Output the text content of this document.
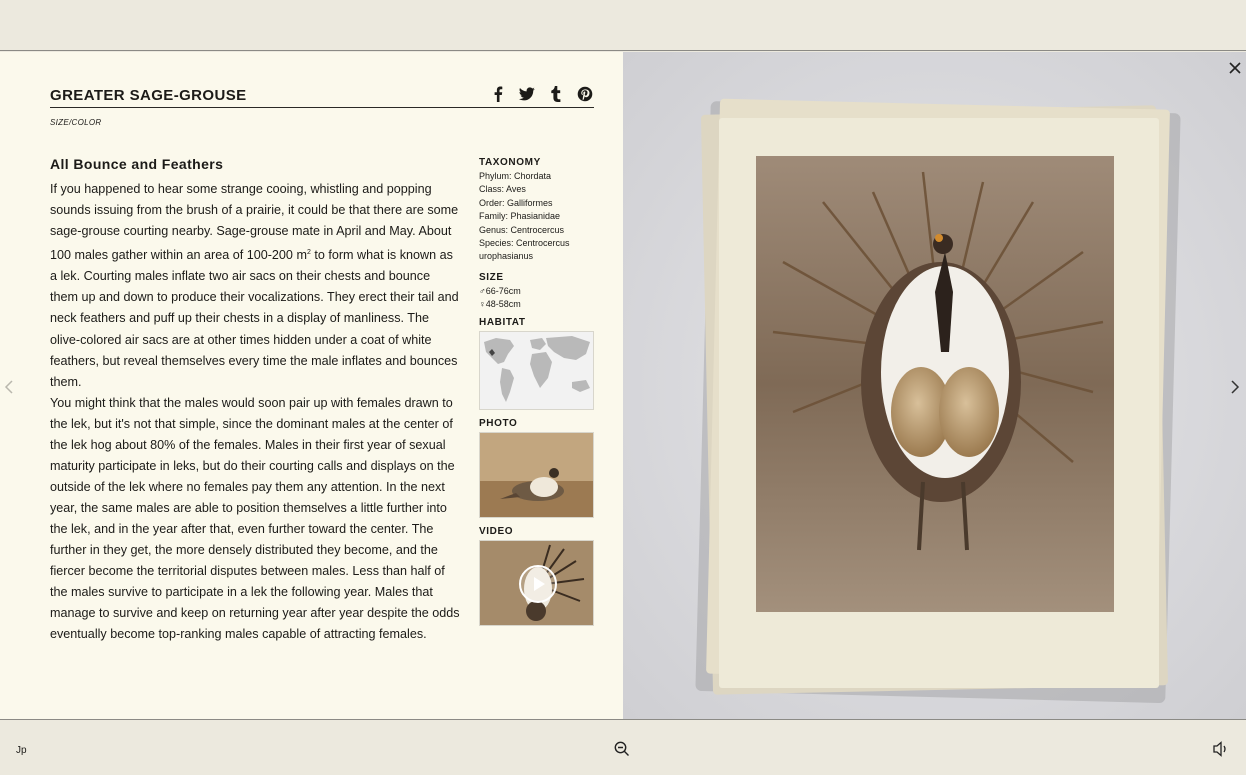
GREATER SAGE-GROUSE
SIZE/COLOR
All Bounce and Feathers

If you happened to hear some strange cooing, whistling and popping sounds issuing from the brush of a prairie, it could be that there are some sage-grouse courting nearby. Sage-grouse mate in April and May. About 100 males gather within an area of 100-200 $m^2$ to form what is known as a lek. Courting males inflate two air sacs on their chests and bounce them up and down to produce their vocalizations. They erect their tail and neck feathers and puff up their chests in a display of manliness. The olive-colored air sacs are at other times hidden under a coat of white feathers, but reveal themselves every time the male inflates and bounces them.

You might think that the males would soon pair up with females drawn to the lek, but it's not that simple, since the dominant males at the center of the lek hog about 80% of the females. Males in their first year of sexual maturity participate in leks, but do their courting calls and displays on the outside of the lek where no females pay them any attention. In the next year, the same males are able to position themselves a little further into the lek, and in the year after that, even further toward the center. The further in they get, the more densely distributed they become, and the fiercer become the territorial disputes between males. Less than half of the males survive to participate in a lek the following year. Males that manage to survive and keep on returning year after year despite the odds eventually become top-ranking males capable of attracting females.

TAXONOMY
Phylum: Chordata
Class: Aves
Order: Galliformes
Family: Phasianidae
Genus: Centrocercus
Species: Centrocercus urophasianus
SIZE
♂66-76cm
♀48-58cm
HABITAT
PHOTO
VIDEO
Jp
